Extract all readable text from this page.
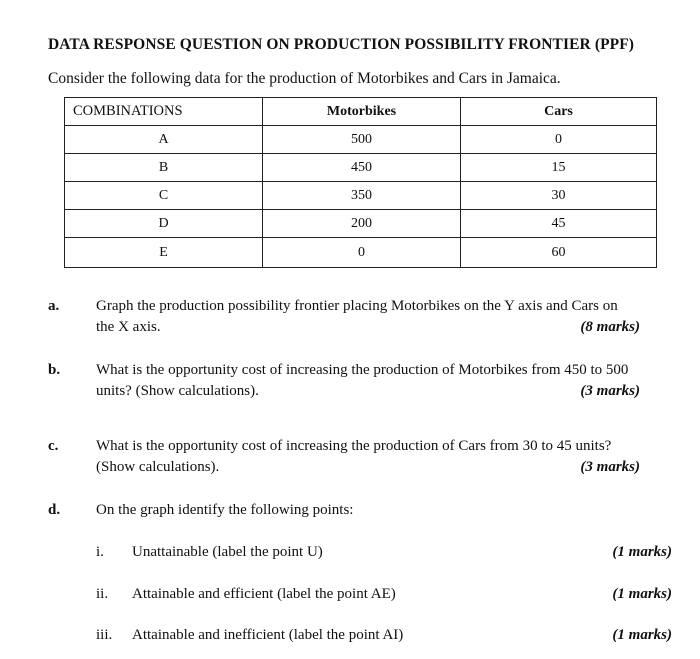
DATA RESPONSE QUESTION ON PRODUCTION POSSIBILITY FRONTIER (PPF)
Consider the following data for the production of Motorbikes and Cars in Jamaica.
COMBINATIONS	Motorbikes	Cars
A	500	0
B	450	15
C	350	30
D	200	45
E	0	60
a. Graph the production possibility frontier placing Motorbikes on the Y axis and Cars on
the X axis.	(8 marks)
b. What is the opportunity cost of increasing the production of Motorbikes from 450 to 500
units? (Show calculations).	(3 marks)
c.	What is the opportunity cost of increasing the production of Cars from 30 to 45 units?
(Show calculations).	(3 marks)
d. On the graph identify the following points:
i. Unattainable (label the point U)	(1 marks)
ii. Attainable and efficient (label the point AE)	(1 marks)
iii. Attainable and inefficient (label the point AI)	(1 marks)
